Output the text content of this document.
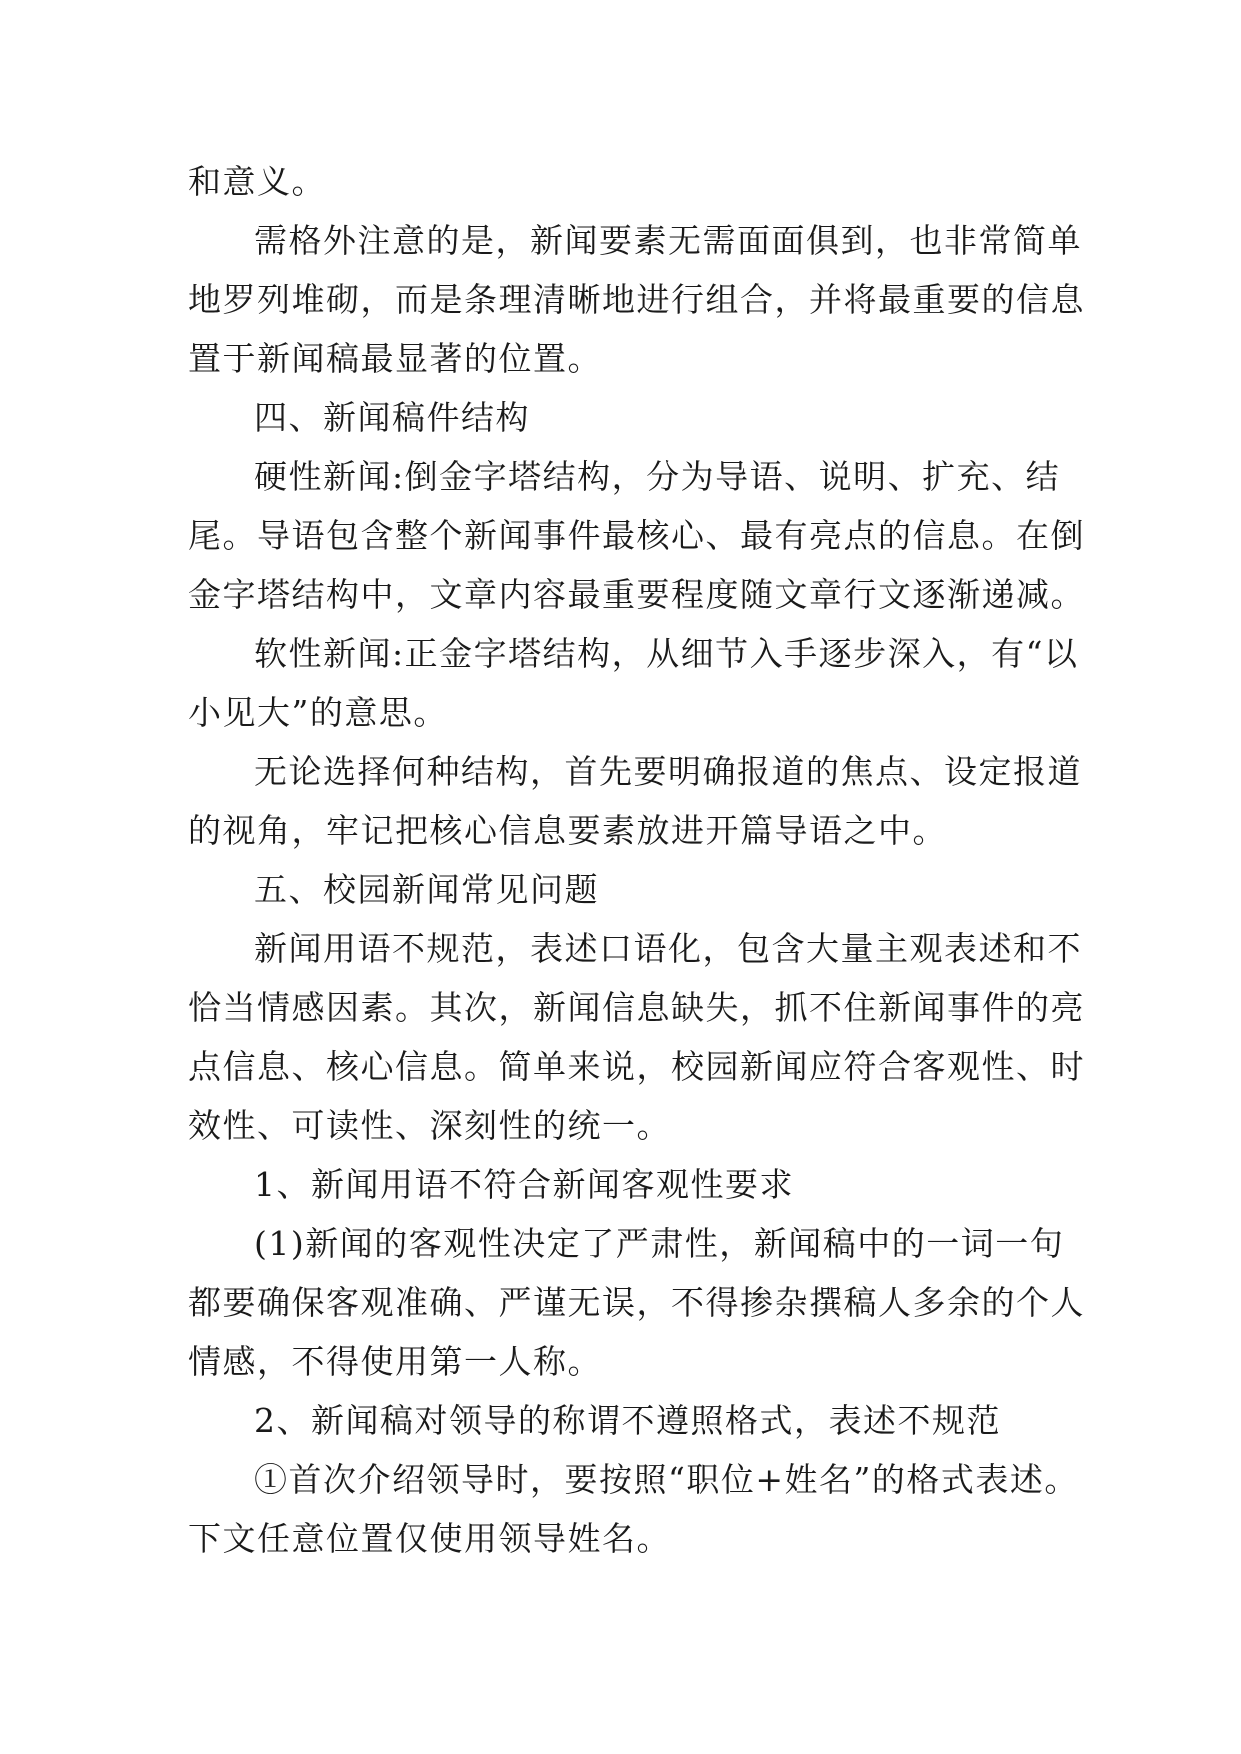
和意义。
需格外注意的是，新闻要素无需面面俱到，也非常简单
地罗列堆砌，而是条理清晰地进行组合，并将最重要的信息
置于新闻稿最显著的位置。
四、新闻稿件结构
硬性新闻:倒金字塔结构，分为导语、说明、扩充、结
尾。导语包含整个新闻事件最核心、最有亮点的信息。在倒
金字塔结构中，文章内容最重要程度随文章行文逐渐递减。
软性新闻:正金字塔结构，从细节入手逐步深入，有“以
小见大”的意思。
无论选择何种结构，首先要明确报道的焦点、设定报道
的视角，牢记把核心信息要素放进开篇导语之中。
五、校园新闻常见问题
新闻用语不规范，表述口语化，包含大量主观表述和不
恰当情感因素。其次，新闻信息缺失，抓不住新闻事件的亮
点信息、核心信息。简单来说，校园新闻应符合客观性、时
效性、可读性、深刻性的统一。
1、新闻用语不符合新闻客观性要求
(1)新闻的客观性决定了严肃性，新闻稿中的一词一句
都要确保客观准确、严谨无误，不得掺杂撰稿人多余的个人
情感，不得使用第一人称。
2、新闻稿对领导的称谓不遵照格式，表述不规范
①首次介绍领导时，要按照“职位+姓名”的格式表述。
下文任意位置仅使用领导姓名。
